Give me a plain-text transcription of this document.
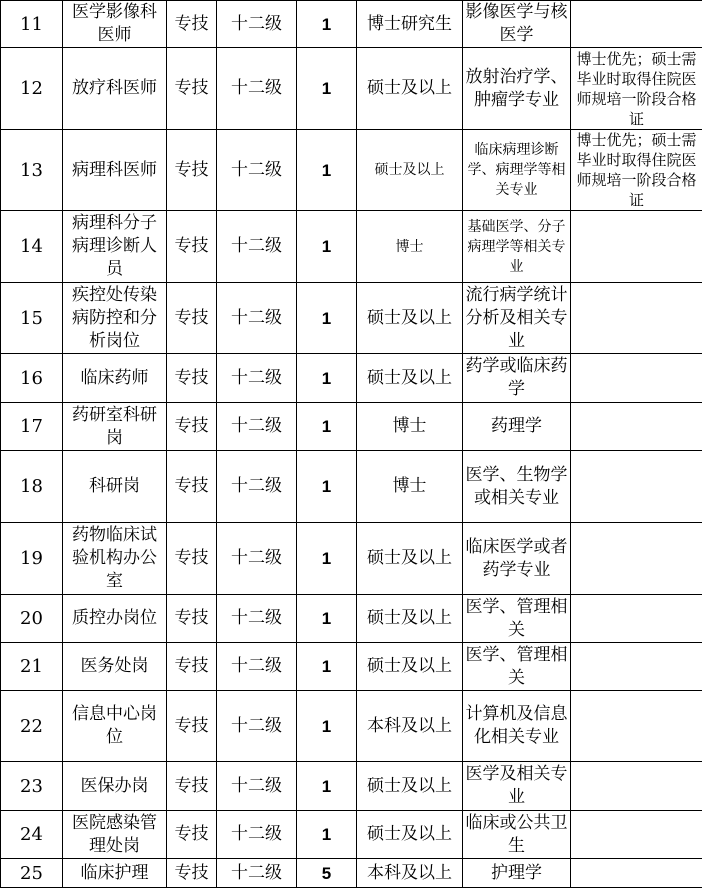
11	医学影像科医师	专技	十二级	1	博士研究生	影像医学与核医学	
12	放疗科医师	专技	十二级	1	硕士及以上	放射治疗学、肿瘤学专业	博士优先；硕士需毕业时取得住院医师规培一阶段合格证
13	病理科医师	专技	十二级	1	硕士及以上	临床病理诊断学、病理学等相关专业	博士优先；硕士需毕业时取得住院医师规培一阶段合格证
14	病理科分子病理诊断人员	专技	十二级	1	博士	基础医学、分子病理学等相关专业	
15	疾控处传染病防控和分析岗位	专技	十二级	1	硕士及以上	流行病学统计分析及相关专业	
16	临床药师	专技	十二级	1	硕士及以上	药学或临床药学	
17	药研室科研岗	专技	十二级	1	博士	药理学	
18	科研岗	专技	十二级	1	博士	医学、生物学或相关专业	
19	药物临床试验机构办公室	专技	十二级	1	硕士及以上	临床医学或者药学专业	
20	质控办岗位	专技	十二级	1	硕士及以上	医学、管理相关	
21	医务处岗	专技	十二级	1	硕士及以上	医学、管理相关	
22	信息中心岗位	专技	十二级	1	本科及以上	计算机及信息化相关专业	
23	医保办岗	专技	十二级	1	硕士及以上	医学及相关专业	
24	医院感染管理处岗	专技	十二级	1	硕士及以上	临床或公共卫生	
25	临床护理	专技	十二级	5	本科及以上	护理学	
